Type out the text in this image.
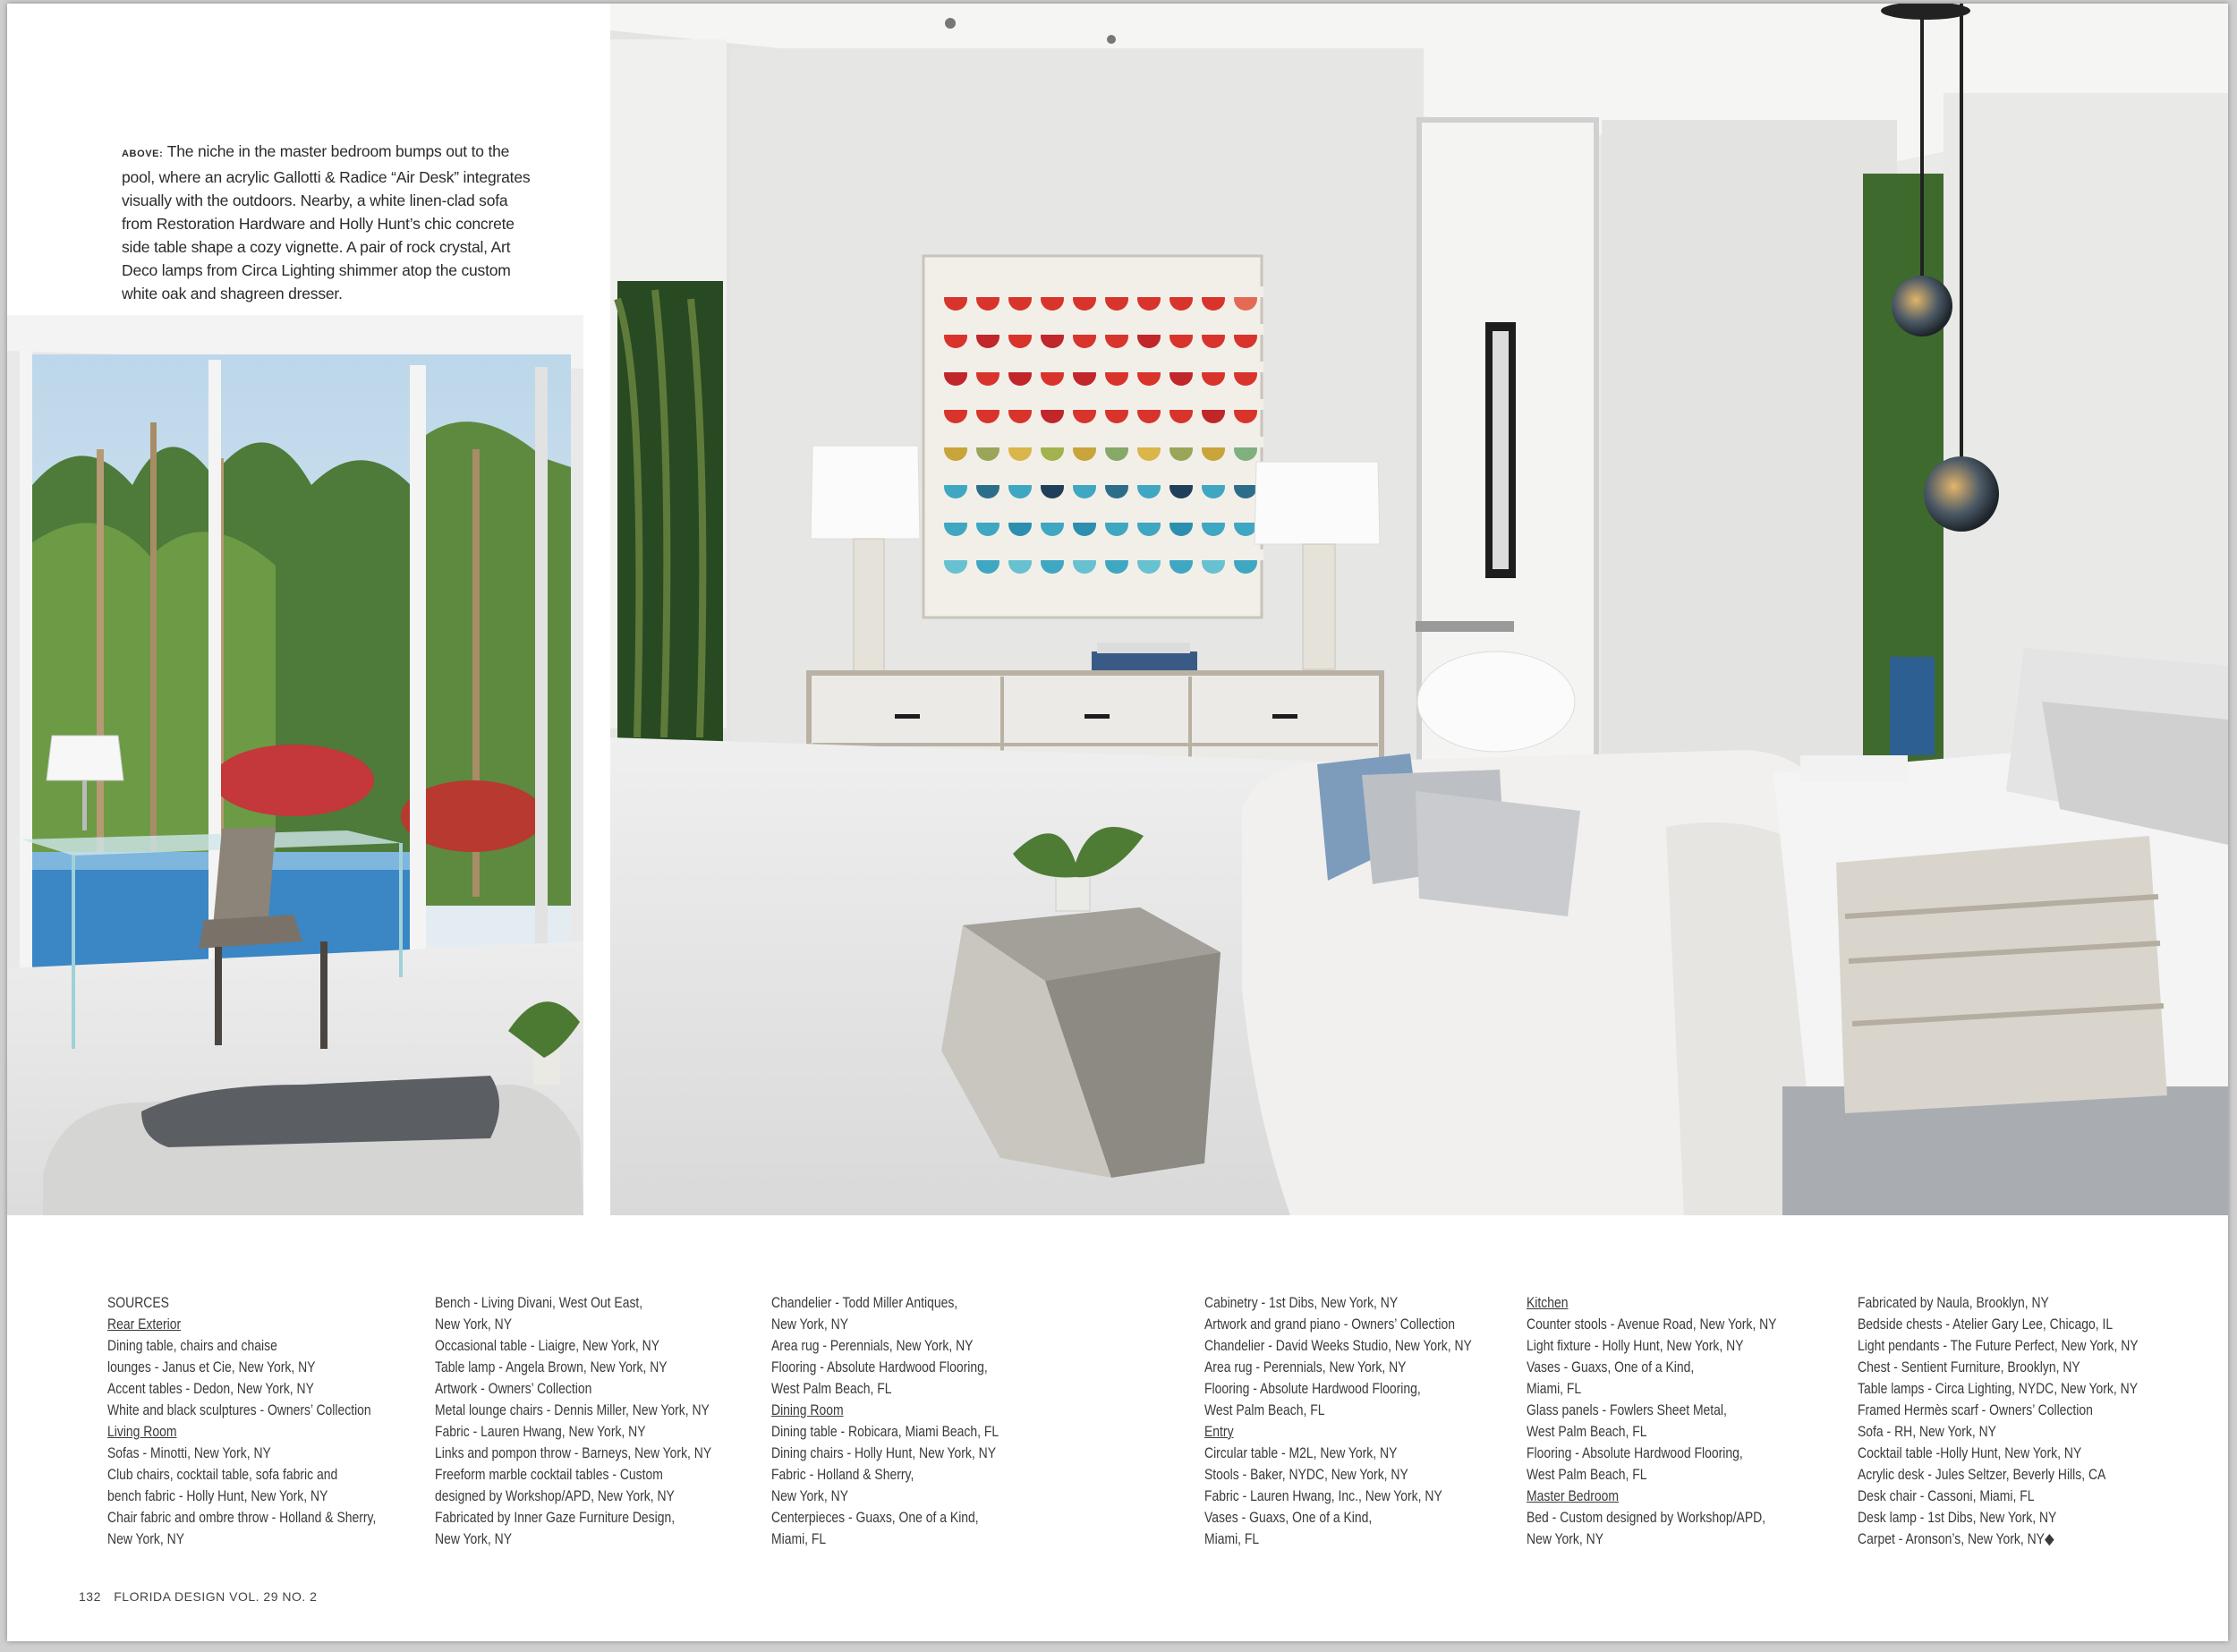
ABOVE: The niche in the master bedroom bumps out to the pool, where an acrylic Gallotti & Radice “Air Desk” integrates visually with the outdoors. Nearby, a white linen-clad sofa from Restoration Hardware and Holly Hunt’s chic concrete side table shape a cozy vignette. A pair of rock crystal, Art Deco lamps from Circa Lighting shimmer atop the custom white oak and shagreen dresser.
SOURCES
Rear Exterior
Dining table, chairs and chaise
lounges - Janus et Cie, New York, NY
Accent tables - Dedon, New York, NY
White and black sculptures - Owners’ Collection
Living Room
Sofas - Minotti, New York, NY
Club chairs, cocktail table, sofa fabric and
bench fabric - Holly Hunt, New York, NY
Chair fabric and ombre throw - Holland & Sherry,
New York, NY
Bench - Living Divani, West Out East,
New York, NY
Occasional table - Liaigre, New York, NY
Table lamp - Angela Brown, New York, NY
Artwork - Owners’ Collection
Metal lounge chairs - Dennis Miller, New York, NY
Fabric - Lauren Hwang, New York, NY
Links and pompon throw - Barneys, New York, NY
Freeform marble cocktail tables - Custom
designed by Workshop/APD, New York, NY
Fabricated by Inner Gaze Furniture Design,
New York, NY
Chandelier - Todd Miller Antiques,
New York, NY
Area rug - Perennials, New York, NY
Flooring - Absolute Hardwood Flooring,
West Palm Beach, FL
Dining Room
Dining table - Robicara, Miami Beach, FL
Dining chairs - Holly Hunt, New York, NY
Fabric - Holland & Sherry,
New York, NY
Centerpieces - Guaxs, One of a Kind,
Miami, FL
Cabinetry - 1st Dibs, New York, NY
Artwork and grand piano - Owners’ Collection
Chandelier - David Weeks Studio, New York, NY
Area rug - Perennials, New York, NY
Flooring - Absolute Hardwood Flooring,
West Palm Beach, FL
Entry
Circular table - M2L, New York, NY
Stools - Baker, NYDC, New York, NY
Fabric - Lauren Hwang, Inc., New York, NY
Vases - Guaxs, One of a Kind,
Miami, FL
Kitchen
Counter stools - Avenue Road, New York, NY
Light fixture - Holly Hunt, New York, NY
Vases - Guaxs, One of a Kind,
Miami, FL
Glass panels - Fowlers Sheet Metal,
West Palm Beach, FL
Flooring - Absolute Hardwood Flooring,
West Palm Beach, FL
Master Bedroom
Bed - Custom designed by Workshop/APD,
New York, NY
Fabricated by Naula, Brooklyn, NY
Bedside chests - Atelier Gary Lee, Chicago, IL
Light pendants - The Future Perfect, New York, NY
Chest - Sentient Furniture, Brooklyn, NY
Table lamps - Circa Lighting, NYDC, New York, NY
Framed Hermès scarf - Owners’ Collection
Sofa - RH, New York, NY
Cocktail table -Holly Hunt, New York, NY
Acrylic desk - Jules Seltzer, Beverly Hills, CA
Desk chair - Cassoni, Miami, FL
Desk lamp - 1st Dibs, New York, NY
Carpet - Aronson’s, New York, NY◆
132 FLORIDA DESIGN VOL. 29 NO. 2
